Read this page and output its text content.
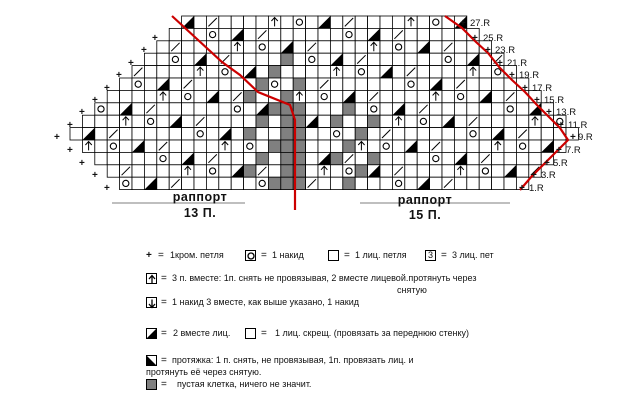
27.R
25.R
23.R
21.R
19.R
17.R
15.R
13.R
11.R
9.R
7.R
5.R
3.R
1.R
+
+
+
+
+
+
+
+
+
+
+
+
+
+
+
+
+
+
+
+
+
+
+
+
+
+
+
раппорт
13 П.
раппорт
15 П.
+ = 1кром. петля	= 1 накид	= 1 лиц. петля	3 = 3 лиц. пет
= 3 п. вместе: 1п. снять не провязывая, 2 вместе лицевой.протянуть через
снятую
= 1 накид 3 вместе, как выше указано, 1 накид
= 2 вместе лиц.	= 1 лиц. скрещ. (провязать за переднюю стенку)
= протяжка: 1 п. снять, не провязывая, 1п. провязать лиц. и
протянуть её через снятую.
= пустая клетка, ничего не значит.
